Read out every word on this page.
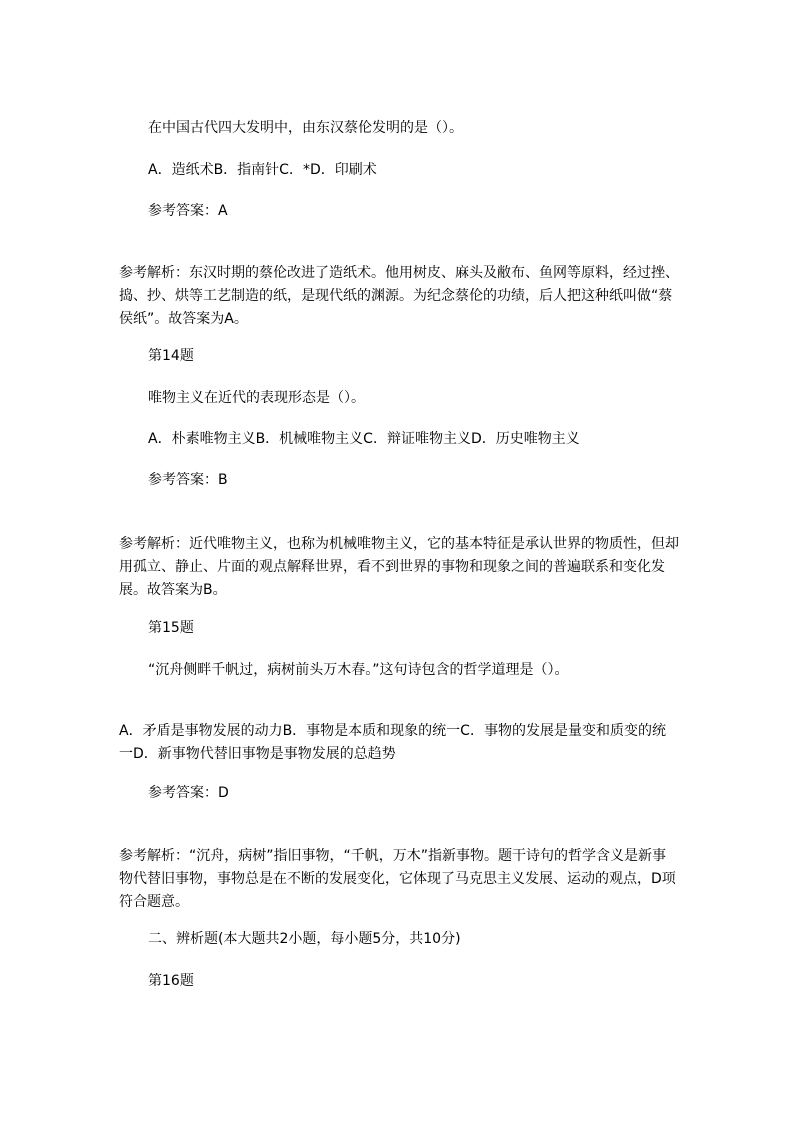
在中国古代四大发明中，由东汉蔡伦发明的是（）。
A．造纸术B．指南针C．*D．印刷术
参考答案：A
参考解析：东汉时期的蔡伦改进了造纸术。他用树皮、麻头及敝布、鱼网等原料，经过挫、捣、抄、烘等工艺制造的纸，是现代纸的渊源。为纪念蔡伦的功绩，后人把这种纸叫做“蔡侯纸”。故答案为A。
第14题
唯物主义在近代的表现形态是（）。
A．朴素唯物主义B．机械唯物主义C．辩证唯物主义D．历史唯物主义
参考答案：B
参考解析：近代唯物主义，也称为机械唯物主义，它的基本特征是承认世界的物质性，但却用孤立、静止、片面的观点解释世界，看不到世界的事物和现象之间的普遍联系和变化发展。故答案为B。
第15题
“沉舟侧畔千帆过，病树前头万木春。”这句诗包含的哲学道理是（）。
A．矛盾是事物发展的动力B．事物是本质和现象的统一C．事物的发展是量变和质变的统一D．新事物代替旧事物是事物发展的总趋势
参考答案：D
参考解析：“沉舟，病树”指旧事物，“千帆，万木”指新事物。题干诗句的哲学含义是新事物代替旧事物，事物总是在不断的发展变化，它体现了马克思主义发展、运动的观点，D项符合题意。
二、辨析题(本大题共2小题，每小题5分，共10分)
第16题
